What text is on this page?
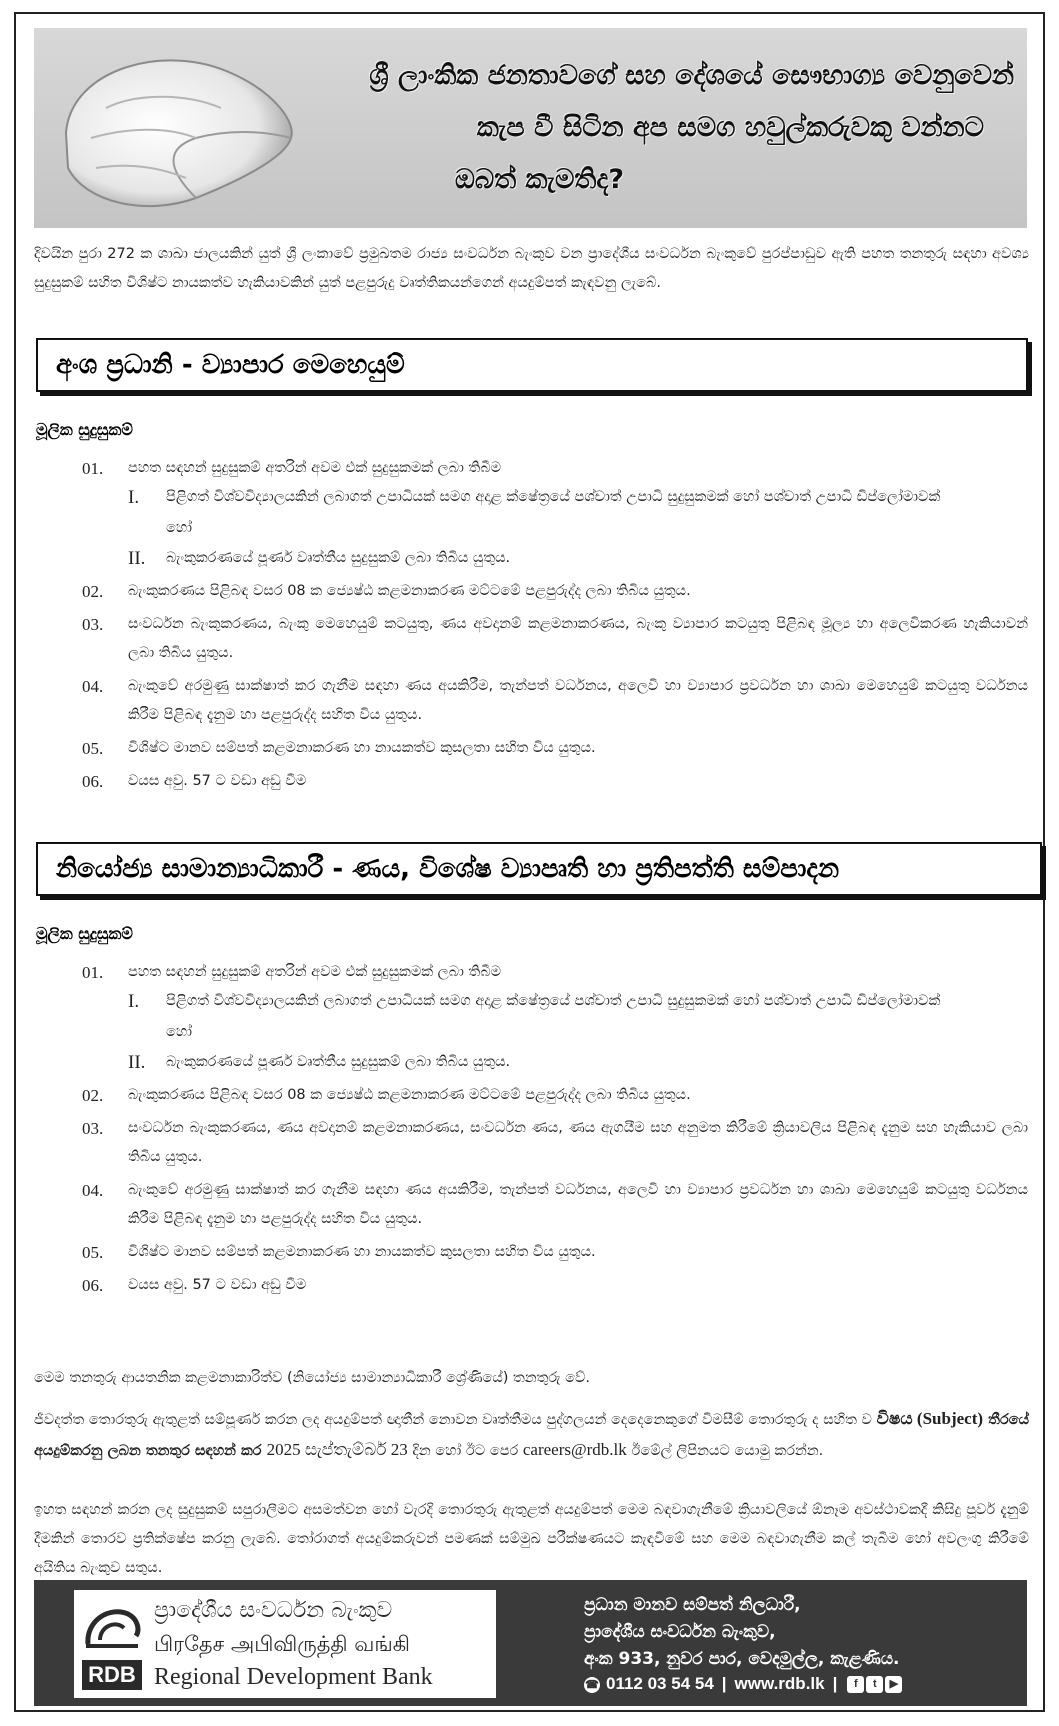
ශ්‍රී ලාංකික ජනතාවගේ සහ දේශයේ සෞභාග්‍ය වෙනුවෙන්
කැප වී සිටින අප සමග හවුල්කරුවකු වන්නට
ඔබත් කැමතිද?
දිවයින පුරා 272 ක ශාඛා ජාලයකින් යුත් ශ්‍රී ලංකාවේ ප්‍රමුඛතම රාජ්‍ය සංවර්ධන බැංකුව වන ප්‍රාදේශීය සංවර්ධන බැංකුවේ පුරප්පාඩුව ඇති පහත තනතුරු සඳහා අවශ්‍ය සුදුසුකම් සහිත විශිෂ්ට නායකත්ව හැකියාවකින් යුත් පළපුරුදු වෘත්තිකයන්ගෙන් අයදුම්පත් කැඳවනු ලැබේ.
අංශ ප්‍රධානි - ව්‍යාපාර මෙහෙයුම්
මූලික සුදුසුකම්
01.	පහත සඳහන් සුදුසුකම් අතරින් අවම එක් සුදුසුකමක් ලබා තිබීම
I.	පිළිගත් විශ්වවිද්‍යාලයකින් ලබාගත් උපාධියක් සමග අදාළ ක්ෂේත්‍රයේ පශ්චාත් උපාධි සුදුසුකමක් හෝ පශ්චාත් උපාධි ඩිප්ලෝමාවක්
හෝ
II.	බැංකුකරණයේ පූර්ණ වෘත්තීය සුදුසුකම් ලබා තිබිය යුතුය.
02.	බැංකුකරණය පිළිබඳ වසර 08 ක ජ්‍යෙෂ්ඨ කළමනාකරණ මට්ටමේ පළපුරුද්ද ලබා තිබිය යුතුය.
03.	සංවර්ධන බැංකුකරණය, බැංකු මෙහෙයුම් කටයුතු, ණය අවදානම් කළමනාකරණය, බැංකු ව්‍යාපාර කටයුතු පිළිබඳ මූල්‍ය හා අලෙවිකරණ හැකියාවන් ලබා තිබිය යුතුය.
04.	බැංකුවේ අරමුණු සාක්ෂාත් කර ගැනීම සඳහා ණය අයකිරීම, තැන්පත් වර්ධනය, අලෙවි හා ව්‍යාපාර ප්‍රවර්ධන හා ශාඛා මෙහෙයුම් කටයුතු වර්ධනය කිරීම පිළිබඳ දැනුම හා පළපුරුද්ද සහිත විය යුතුය.
05.	විශිෂ්ට මානව සම්පත් කළමනාකරණ හා නායකත්ව කුසලතා සහිත විය යුතුය.
06.	වයස අවු. 57 ට වඩා අඩු වීම
නියෝජ්‍ය සාමාන්‍යාධිකාරී - ණය, විශේෂ ව්‍යාපෘති හා ප්‍රතිපත්ති සම්පාදන
මූලික සුදුසුකම්
01.	පහත සඳහන් සුදුසුකම් අතරින් අවම එක් සුදුසුකමක් ලබා තිබීම
I.	පිළිගත් විශ්වවිද්‍යාලයකින් ලබාගත් උපාධියක් සමග අදාළ ක්ෂේත්‍රයේ පශ්චාත් උපාධි සුදුසුකමක් හෝ පශ්චාත් උපාධි ඩිප්ලෝමාවක්
හෝ
II.	බැංකුකරණයේ පූර්ණ වෘත්තීය සුදුසුකම් ලබා තිබිය යුතුය.
02.	බැංකුකරණය පිළිබඳ වසර 08 ක ජ්‍යෙෂ්ඨ කළමනාකරණ මට්ටමේ පළපුරුද්ද ලබා තිබිය යුතුය.
03.	සංවර්ධන බැංකුකරණය, ණය අවදානම් කළමනාකරණය, සංවර්ධන ණය, ණය ඇගයීම සහ අනුමත කිරීමේ ක්‍රියාවලිය පිළිබඳ දැනුම සහ හැකියාව ලබා තිබිය යුතුය.
04.	බැංකුවේ අරමුණු සාක්ෂාත් කර ගැනීම සඳහා ණය අයකිරීම, තැන්පත් වර්ධනය, අලෙවි හා ව්‍යාපාර ප්‍රවර්ධන හා ශාඛා මෙහෙයුම් කටයුතු වර්ධනය කිරීම පිළිබඳ දැනුම හා පළපුරුද්ද සහිත විය යුතුය.
05.	විශිෂ්ට මානව සම්පත් කළමනාකරණ හා නායකත්ව කුසලතා සහිත විය යුතුය.
06.	වයස අවු. 57 ට වඩා අඩු වීම
මෙම තනතුරු ආයතනික කළමනාකාරිත්ව (නියෝජ්‍ය සාමාන්‍යාධිකාරී ශ්‍රේණියේ) තනතුරු වේ.
ජීවදත්ත තොරතුරු ඇතුළත් සම්පූර්ණ කරන ලද අයදුම්පත් ඥාතීන් නොවන වෘත්තීමය පුද්ගලයන් දෙදෙනෙකුගේ විමසීම් තොරතුරු ද සහිත ව විෂය (Subject) තීරයේ අයදුම්කරනු ලබන තනතුර සඳහන් කර 2025 සැප්තැම්බර් 23 දින හෝ ඊට පෙර careers@rdb.lk ඊමේල් ලිපිනයට යොමු කරන්න.
ඉහත සඳහන් කරන ලද සුදුසුකම් සපුරාලීමට අසමත්වන හෝ වැරදි තොරතුරු ඇතුළත් අයදුම්පත් මෙම බඳවාගැනීමේ ක්‍රියාවලියේ ඕනෑම අවස්ථාවකදී කිසිදු පූර්ව දැනුම් දීමකින් තොරව ප්‍රතික්ෂේප කරනු ලැබේ. තෝරාගත් අයදුම්කරුවන් පමණක් සම්මුඛ පරීක්ෂණයට කැඳවීමේ සහ මෙම බඳවාගැනීම කල් තැබීම හෝ අවලංගු කිරීමේ අයිතිය බැංකුව සතුය.
RDB
ප්‍රාදේශීය සංවර්ධන බැංකුව
பிரதேச அபிவிருத்தி வங்கி
Regional Development Bank
ප්‍රධාන මානව සම්පත් නිලධාරී,
ප්‍රාදේශීය සංවර්ධන බැංකුව,
අංක 933, නුවර පාර, වෙදමුල්ල, කැළණිය.
☎ 0112 03 54 54 | www.rdb.lk | f t ▶
